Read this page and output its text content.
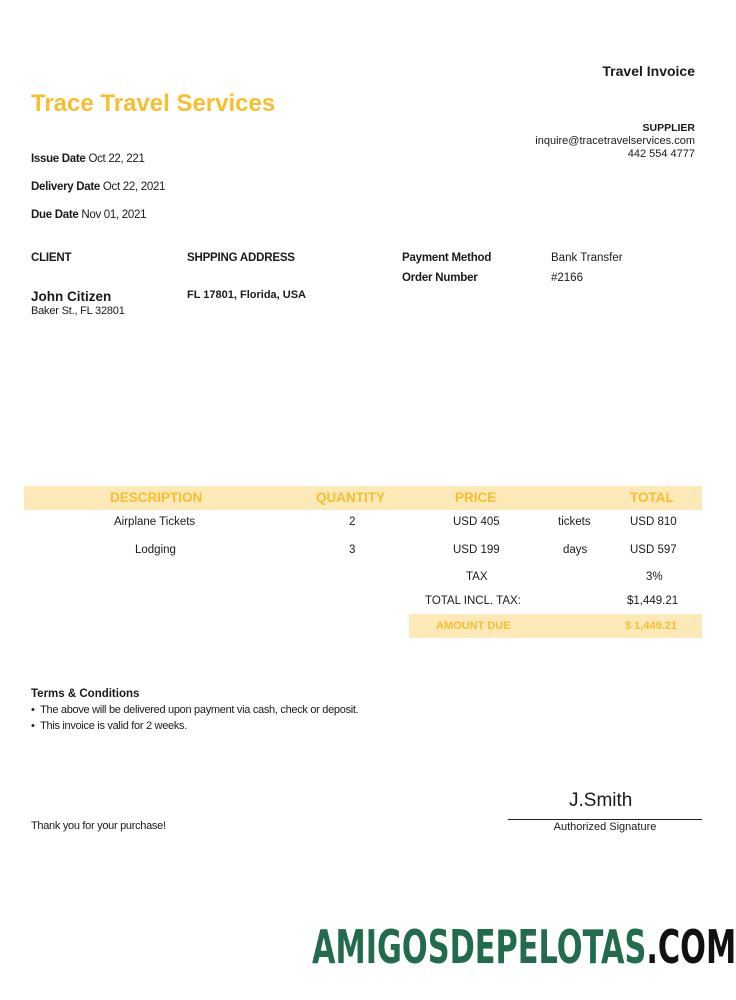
Travel Invoice
Trace Travel Services
SUPPLIER
inquire@tracetravelservices.com
442 554 4777
Issue Date Oct 22, 221
Delivery Date Oct 22, 2021
Due Date Nov 01, 2021
CLIENT
John Citizen
Baker St., FL 32801
SHPPING ADDRESS
FL 17801, Florida, USA
Payment Method	Bank Transfer
Order Number	#2166
DESCRIPTION	QUANTITY	PRICE	TOTAL
Airplane Tickets	2	USD 405	tickets	USD 810
Lodging	3	USD 199	days	USD 597
TAX	3%
TOTAL INCL. TAX:	$1,449.21
AMOUNT DUE	$ 1,449.21
Terms & Conditions
•  The above will be delivered upon payment via cash, check or deposit.
•  This invoice is valid for 2 weeks.
Thank you for your purchase!
J.Smith
Authorized Signature
AMIGOSDEPELOTAS.COM
